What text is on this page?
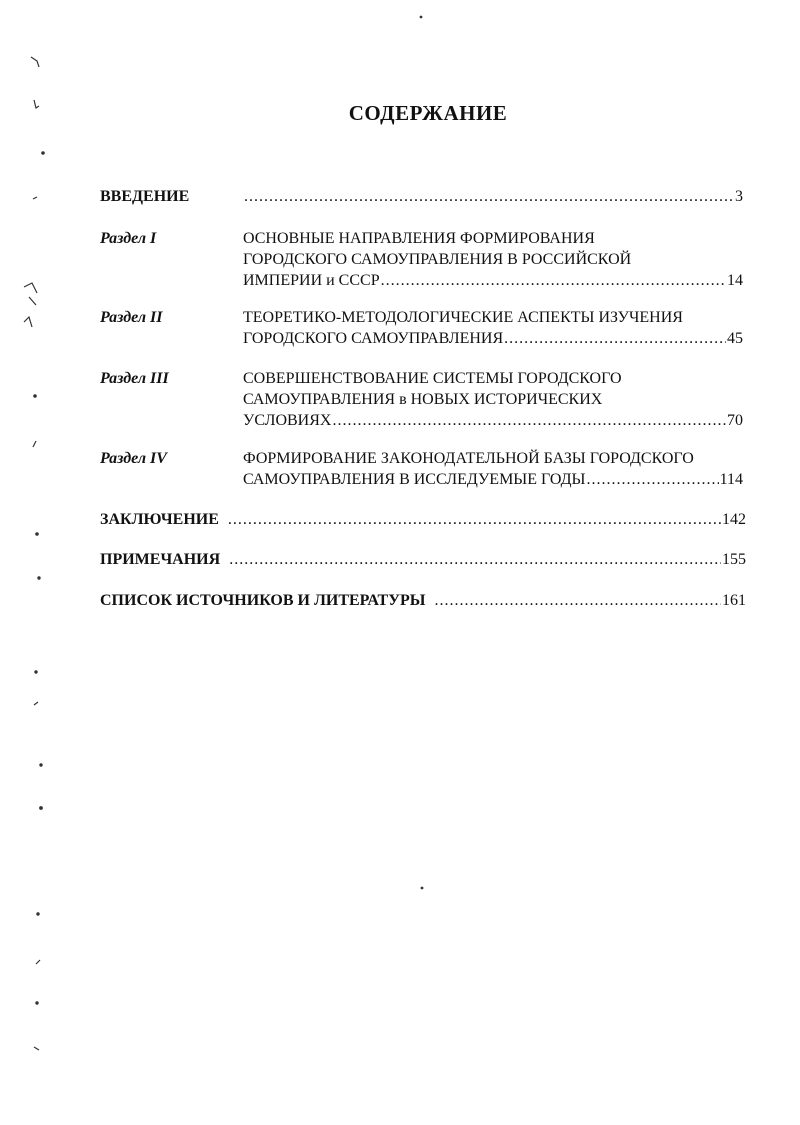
СОДЕРЖАНИЕ
ВВЕДЕНИЕ .....	3
Раздел I	ОСНОВНЫЕ НАПРАВЛЕНИЯ ФОРМИРОВАНИЯ
ГОРОДСКОГО САМОУПРАВЛЕНИЯ В РОССИЙСКОЙ
ИМПЕРИИ и СССР .....	14
Раздел II	ТЕОРЕТИКО-МЕТОДОЛОГИЧЕСКИЕ АСПЕКТЫ ИЗУЧЕНИЯ
ГОРОДСКОГО САМОУПРАВЛЕНИЯ .....	45
Раздел III	СОВЕРШЕНСТВОВАНИЕ СИСТЕМЫ ГОРОДСКОГО
САМОУПРАВЛЕНИЯ в НОВЫХ ИСТОРИЧЕСКИХ
УСЛОВИЯХ .....	70
Раздел IV	ФОРМИРОВАНИЕ ЗАКОНОДАТЕЛЬНОЙ БАЗЫ ГОРОДСКОГО
САМОУПРАВЛЕНИЯ В ИССЛЕДУЕМЫЕ ГОДЫ .....	114
ЗАКЛЮЧЕНИЕ .....	142
ПРИМЕЧАНИЯ .....	155
СПИСОК ИСТОЧНИКОВ И ЛИТЕРАТУРЫ .....	161
